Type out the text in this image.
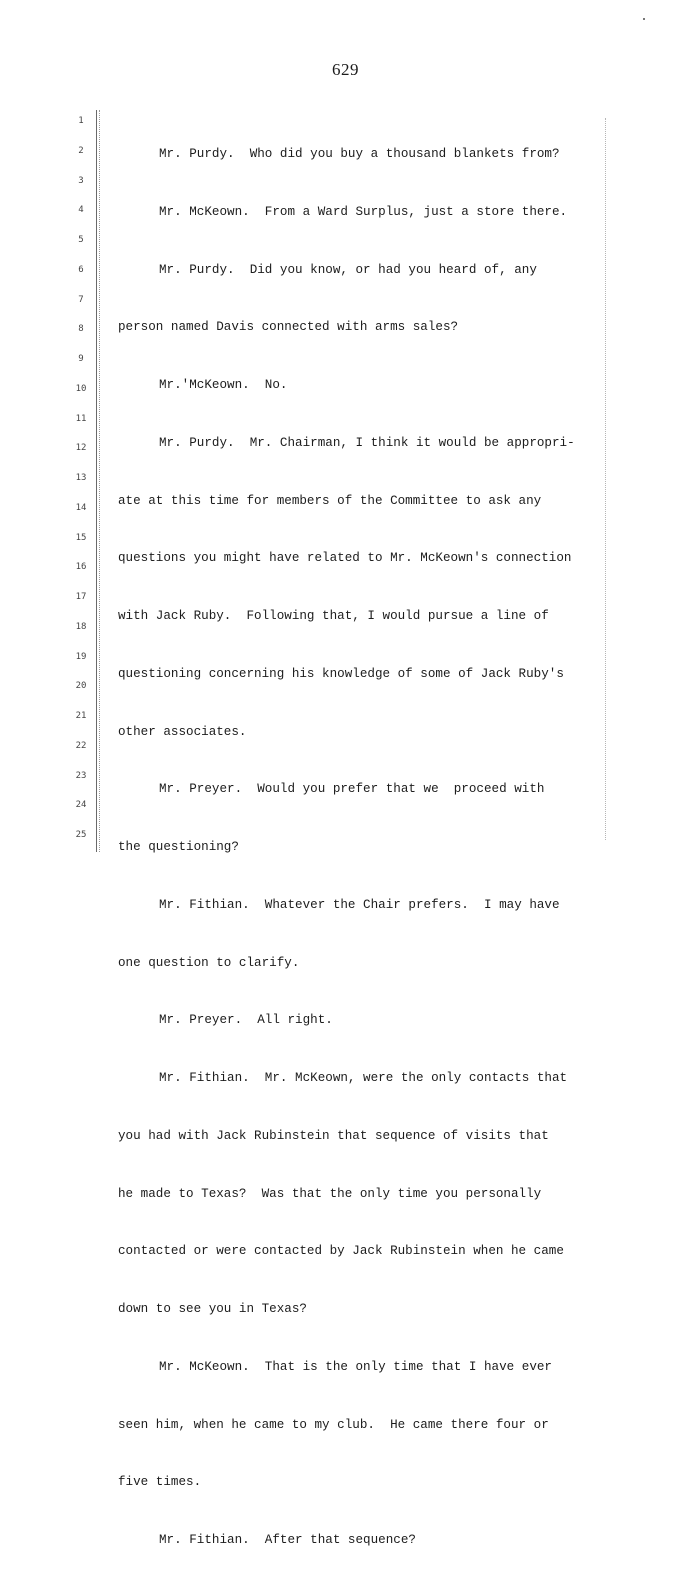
629
1
2
3
4
5
6
7
8
9
10
11
12
13
14
15
16
17
18
19
20
21
22
23
24
25

Mr. Purdy.  Who did you buy a thousand blankets from?

Mr. McKeown.  From a Ward Surplus, just a store there.

Mr. Purdy.  Did you know, or had you heard of, any

person named Davis connected with arms sales?

Mr.'McKeown.  No.

Mr. Purdy.  Mr. Chairman, I think it would be appropri-

ate at this time for members of the Committee to ask any

questions you might have related to Mr. McKeown's connection

with Jack Ruby.  Following that, I would pursue a line of

questioning concerning his knowledge of some of Jack Ruby's

other associates.

Mr. Preyer.  Would you prefer that we  proceed with

the questioning?

Mr. Fithian.  Whatever the Chair prefers.  I may have

one question to clarify.

Mr. Preyer.  All right.

Mr. Fithian.  Mr. McKeown, were the only contacts that

you had with Jack Rubinstein that sequence of visits that

he made to Texas?  Was that the only time you personally

contacted or were contacted by Jack Rubinstein when he came

down to see you in Texas?

Mr. McKeown.  That is the only time that I have ever

seen him, when he came to my club.  He came there four or

five times.

Mr. Fithian.  After that sequence?
